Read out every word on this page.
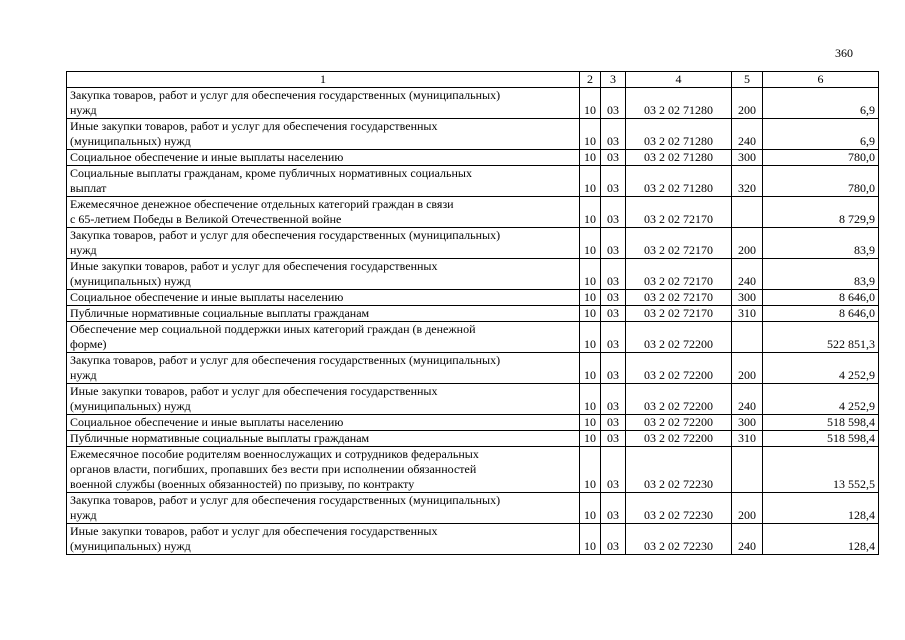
360
1	2	3	4	5	6
Закупка товаров, работ и услуг для обеспечения государственных (муниципальных)
нужд	10	03	03 2 02 71280	200	6,9
Иные закупки товаров, работ и услуг для обеспечения государственных
(муниципальных) нужд	10	03	03 2 02 71280	240	6,9
Социальное обеспечение и иные выплаты населению	10	03	03 2 02 71280	300	780,0
Социальные выплаты гражданам, кроме публичных нормативных социальных
выплат	10	03	03 2 02 71280	320	780,0
Ежемесячное денежное обеспечение отдельных категорий граждан в связи
с 65-летием Победы в Великой Отечественной войне	10	03	03 2 02 72170		8 729,9
Закупка товаров, работ и услуг для обеспечения государственных (муниципальных)
нужд	10	03	03 2 02 72170	200	83,9
Иные закупки товаров, работ и услуг для обеспечения государственных
(муниципальных) нужд	10	03	03 2 02 72170	240	83,9
Социальное обеспечение и иные выплаты населению	10	03	03 2 02 72170	300	8 646,0
Публичные нормативные социальные выплаты гражданам	10	03	03 2 02 72170	310	8 646,0
Обеспечение мер социальной поддержки иных категорий граждан (в денежной
форме)	10	03	03 2 02 72200		522 851,3
Закупка товаров, работ и услуг для обеспечения государственных (муниципальных)
нужд	10	03	03 2 02 72200	200	4 252,9
Иные закупки товаров, работ и услуг для обеспечения государственных
(муниципальных) нужд	10	03	03 2 02 72200	240	4 252,9
Социальное обеспечение и иные выплаты населению	10	03	03 2 02 72200	300	518 598,4
Публичные нормативные социальные выплаты гражданам	10	03	03 2 02 72200	310	518 598,4
Ежемесячное пособие родителям военнослужащих и сотрудников федеральных
органов власти, погибших, пропавших без вести при исполнении обязанностей
военной службы (военных обязанностей) по призыву, по контракту	10	03	03 2 02 72230		13 552,5
Закупка товаров, работ и услуг для обеспечения государственных (муниципальных)
нужд	10	03	03 2 02 72230	200	128,4
Иные закупки товаров, работ и услуг для обеспечения государственных
(муниципальных) нужд	10	03	03 2 02 72230	240	128,4
